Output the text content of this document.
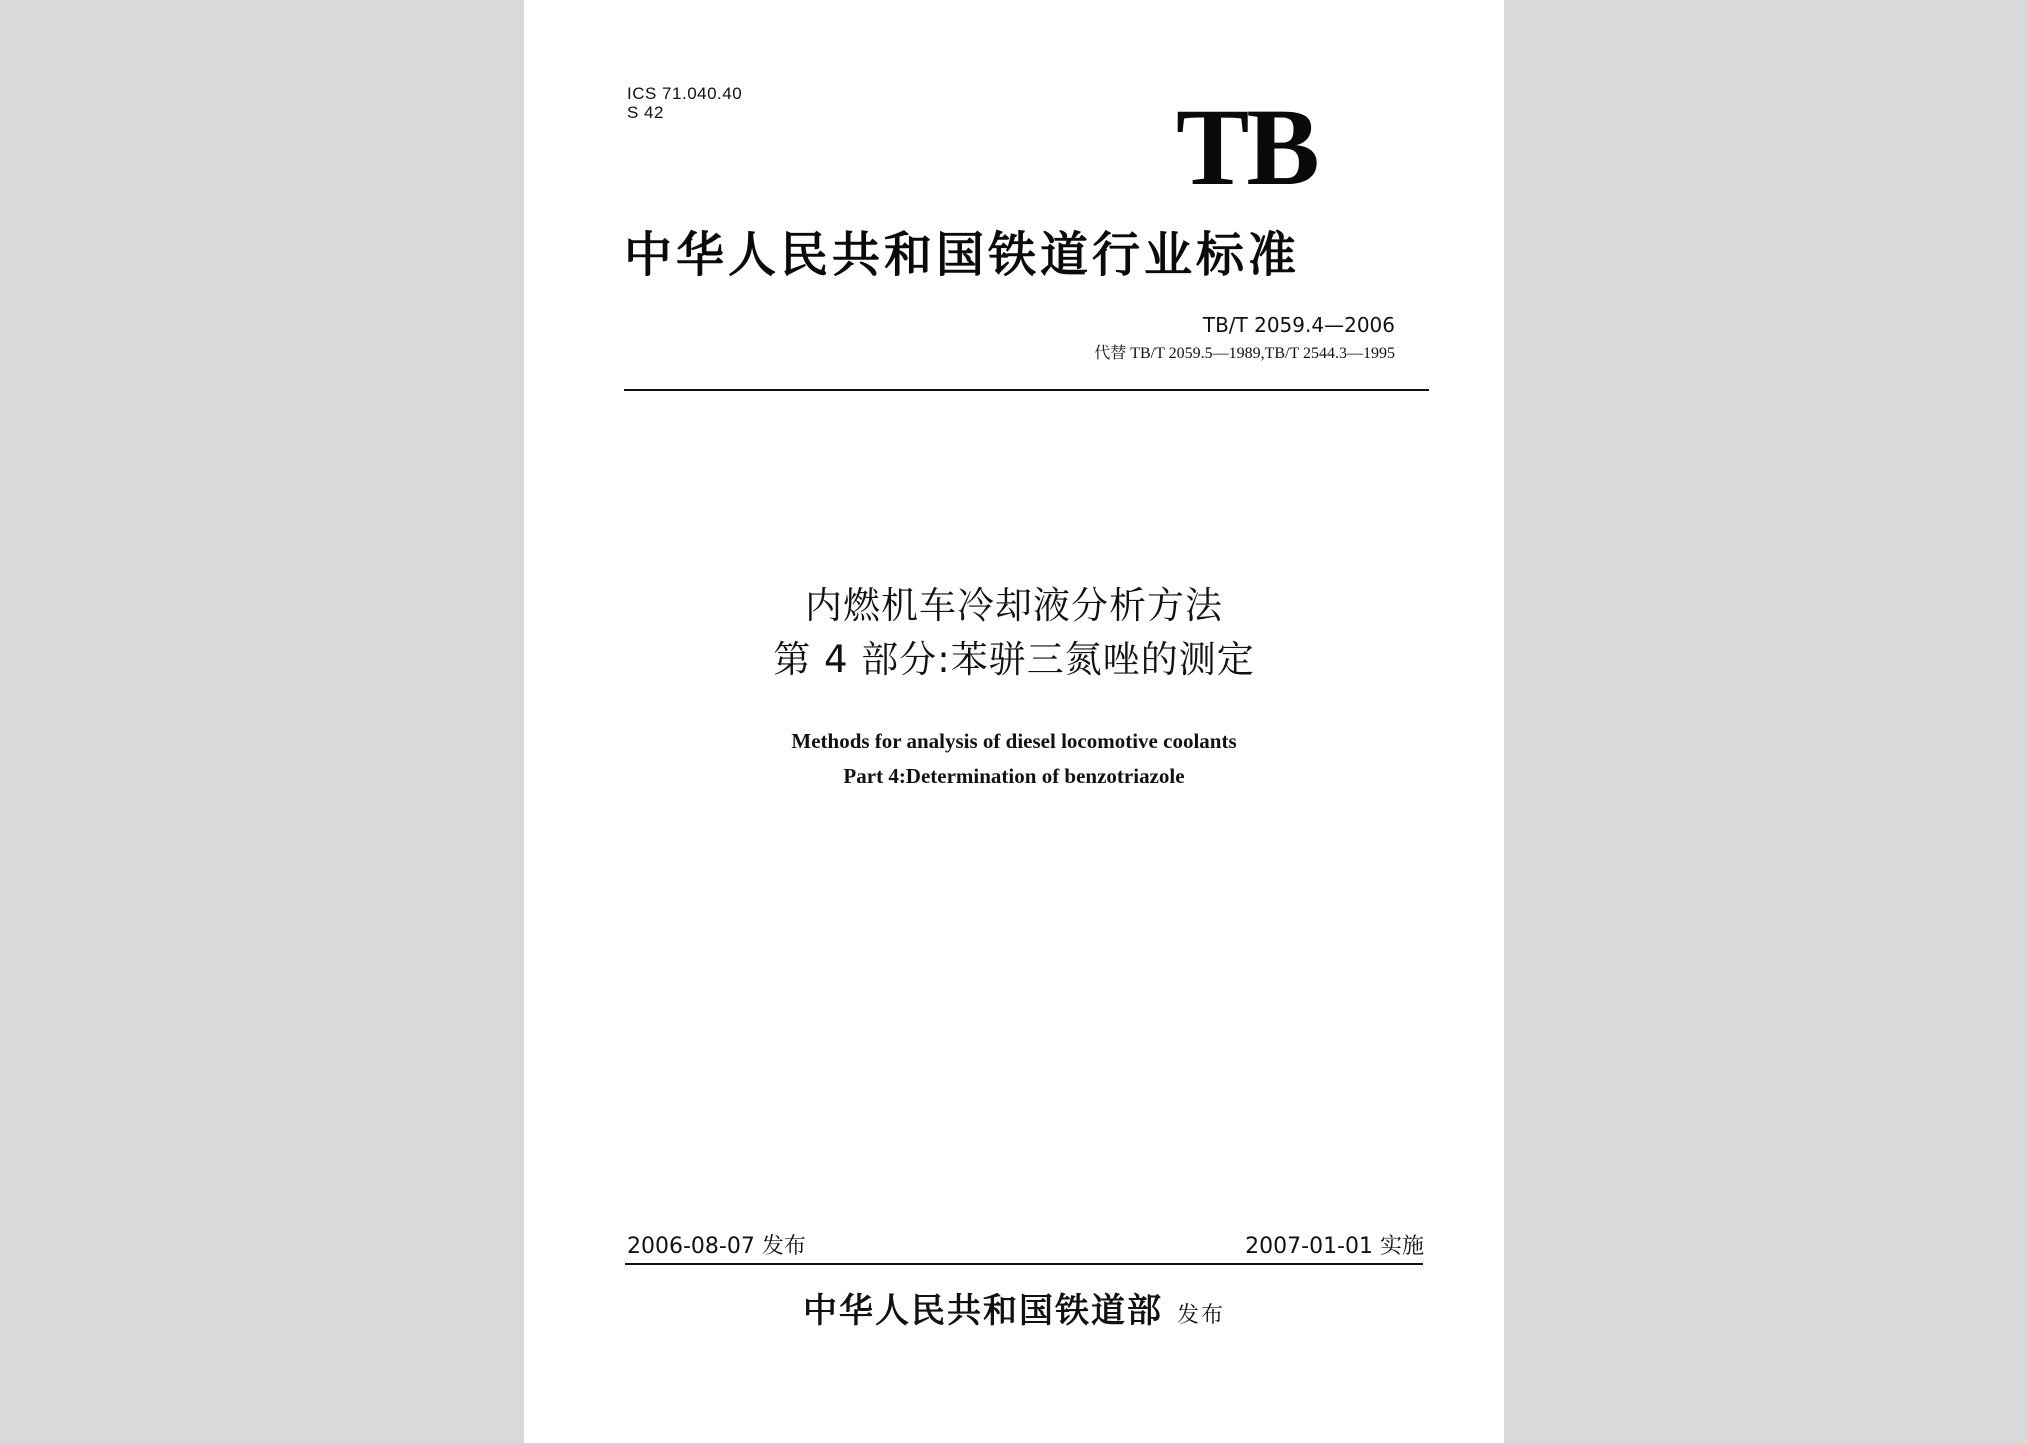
ICS 71.040.40
S 42	TB
中华人民共和国铁道行业标准
TB/T 2059.4—2006
代替 TB/T 2059.5—1989,TB/T 2544.3—1995
内燃机车冷却液分析方法
第 4 部分:苯骈三氮唑的测定
Methods for analysis of diesel locomotive coolants
Part 4:Determination of benzotriazole
2006-08-07 发布	2007-01-01 实施
中华人民共和国铁道部 发布
